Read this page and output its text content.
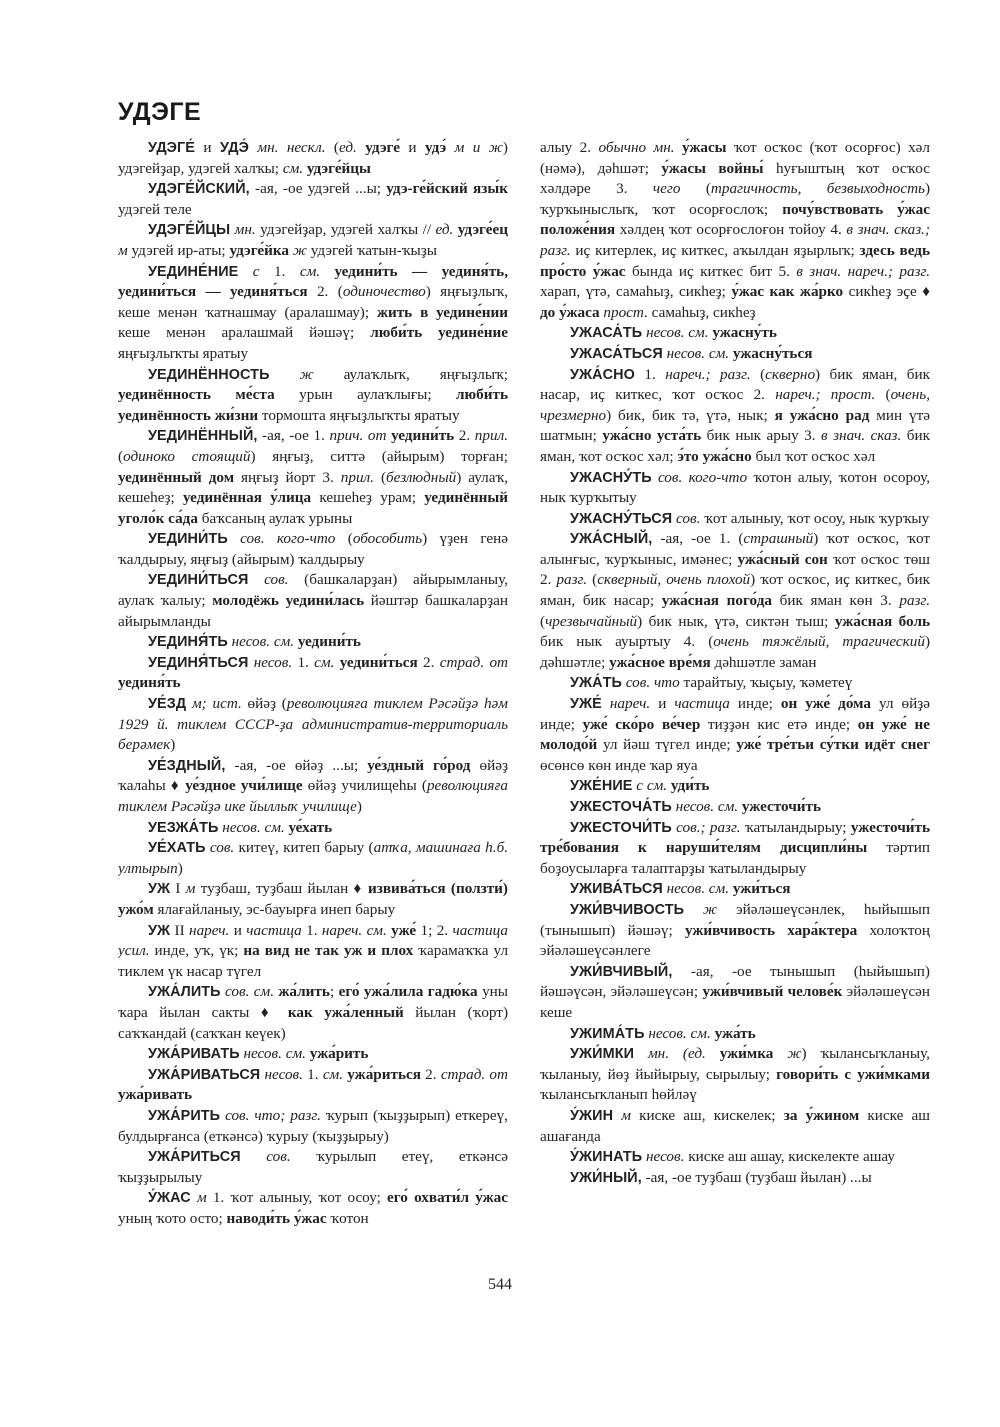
УДЭГЕ

УДЭГЕ́ и УДЭ́ мн. нескл. (ед. удэге́ и удэ́ м и ж) удэгейҙар, удэгей халҡы; см. удэге́йцы

УДЭГЕ́ЙСКИЙ, -ая, -ое удэгей ...ы; удэ-ге́йский язы́к удэгей теле

УДЭГЕ́ЙЦЫ мн. удэгейҙар, удэгей халҡы // ед. удэге́ец м удэгей ир-аты; удэге́йка ж удэгей ҡатын-ҡыҙы

УЕДИНЕ́НИЕ с 1. см. уедини́ть — уединя́ть, уедини́ться — уединя́ться 2. (одиночество) яңғыҙлыҡ, кеше менән ҡатнашмау (аралашмау); жить в уедине́нии кеше менән аралашмай йәшәү; люби́ть уедине́ние яңғыҙлыҡты яратыу

УЕДИНЁННОСТЬ ж аулаҡлыҡ, яңғыҙлыҡ; уединённость ме́ста урын аулаҡлығы; люби́ть уединённость жи́зни тормошта яңғыҙлыҡты яратыу

УЕДИНЁННЫЙ, -ая, -ое 1. прич. от уедини́ть 2. прил. (одиноко стоящий) яңғыҙ, ситтә (айырым) торған; уединённый дом яңғыҙ йорт 3. прил. (безлюдный) аулаҡ, кешеһеҙ; уединённая у́лица кешеһеҙ урам; уединённый уголо́к са́да баҡсаның аулаҡ урыны

УЕДИНИ́ТЬ сов. кого-что (обособить) үҙен генә ҡалдырыу, яңғыҙ (айырым) ҡалдырыу

УЕДИНИ́ТЬСЯ сов. (башкаларҙан) айырымланыу, аулаҡ ҡалыу; молодёжь уедини́лась йәштәр башкаларҙан айырымланды

УЕДИНЯ́ТЬ несов. см. уедини́ть

УЕДИНЯ́ТЬСЯ несов. 1. см. уедини́ться 2. страд. от уединя́ть

УЕ́ЗД м; ист. өйәҙ (революцияға тиклем Рәсәйҙә һәм 1929 й. тиклем СССР-ҙа административ-территориаль берәмек)

УЕ́ЗДНЫЙ, -ая, -ое өйәҙ ...ы; уе́здный го́род өйәҙ ҡалаһы ♦ уе́здное учи́лище өйәҙ училищеһы (революцияға тиклем Рәсәйҙә ике йыллыҡ училище)

УЕЗЖА́ТЬ несов. см. уе́хать

УЕ́ХАТЬ сов. китеү, китеп барыу (атҡа, машинаға һ.б. ултырып)

УЖ I м туҙбаш, туҙбаш йылан ♦ извива́ться (ползти́) ужо́м ялағайланыу, эс-бауырға инеп барыу

УЖ II нареч. и частица 1. нареч. см. уже́ 1; 2. частица усил. инде, уҡ, үк; на вид не так уж и плох ҡарамаҡҡа ул тиклем үк насар түгел

УЖА́ЛИТЬ сов. см. жа́лить; его́ ужа́лила гадю́ка уны ҡара йылан сакты ♦ как ужа́ленный йылан (ҡорт) саҡҡандай (саҡҡан кеүек)

УЖА́РИВАТЬ несов. см. ужа́рить

УЖА́РИВАТЬСЯ несов. 1. см. ужа́риться 2. страд. от ужа́ривать

УЖА́РИТЬ сов. что; разг. ҡурып (ҡыҙҙырып) еткереү, булдырғанса (еткәнсә) ҡурыу (ҡыҙҙырыу)

УЖА́РИТЬСЯ сов. ҡурылып етеү, еткәнсә ҡыҙҙырылыу

У́ЖАС м 1. ҡот алыныу, ҡот осоу; его́ охвати́л у́жас уның ҡото осто; наводи́ть у́жас ҡотон

алыу 2. обычно мн. у́жасы ҡот осҡос (ҡот осорғос) хәл (нәмә), дәһшәт; у́жасы войны́ һуғыштың ҡот осҡос хәлдәре 3. чего (трагичность, безвыходность) ҡурҡыныслыҡ, ҡот осорғослоҡ; почу́вствовать у́жас положе́ния хәлдең ҡот осорғослоғон тойоу 4. в знач. сказ.; разг. иҫ китерлек, иҫ киткес, аҡылдан яҙырлыҡ; здесь ведь про́сто у́жас бында иҫ киткес бит 5. в знач. нареч.; разг. харап, үтә, самаһыҙ, сикһеҙ; у́жас как жа́рко сикһеҙ эҫе ♦ до у́жаса прост. самаһыҙ, сикһеҙ

УЖАСА́ТЬ несов. см. ужасну́ть

УЖАСА́ТЬСЯ несов. см. ужасну́ться

УЖА́СНО 1. нареч.; разг. (скверно) бик яман, бик насар, иҫ киткес, ҡот осҡос 2. нареч.; прост. (очень, чрезмерно) бик, бик тә, үтә, нык; я ужа́сно рад мин үтә шатмын; ужа́сно уста́ть бик нык арыу 3. в знач. сказ. бик яман, ҡот осҡос хәл; э́то ужа́сно был ҡот осҡос хәл

УЖАСНУ́ТЬ сов. кого-что ҡотон алыу, ҡотон осороу, нык ҡурҡытыу

УЖАСНУ́ТЬСЯ сов. ҡот алыныу, ҡот осоу, нык ҡурҡыу

УЖА́СНЫЙ, -ая, -ое 1. (страшный) ҡот осҡос, ҡот алынғыс, ҡурҡыныс, имәнес; ужа́сный сон ҡот осҡос төш 2. разг. (скверный, очень плохой) ҡот осҡос, иҫ киткес, бик яман, бик насар; ужа́сная пого́да бик яман көн 3. разг. (чрезвычайный) бик нык, үтә, сиктән тыш; ужа́сная боль бик нык ауыртыу 4. (очень тяжёлый, трагический) дәһшәтле; ужа́сное вре́мя дәһшәтле заман

УЖА́ТЬ сов. что тарайтыу, ҡыҫыу, ҡәметеү

УЖЕ́ нареч. и частица инде; он уже́ до́ма ул өйҙә инде; уже́ ско́ро ве́чер тиҙҙән кис етә инде; он уже́ не молодо́й ул йәш түгел инде; уже́ тре́тьи су́тки идёт снег өсөнсө көн инде ҡар яуа

УЖЕ́НИЕ с см. уди́ть

УЖЕСТОЧА́ТЬ несов. см. ужесточи́ть

УЖЕСТОЧИ́ТЬ сов.; разг. ҡатыландырыу; ужесточи́ть тре́бования к наруши́телям дисципли́ны тәртип боҙоусыларға талаптарҙы ҡатыландырыу

УЖИВА́ТЬСЯ несов. см. ужи́ться

УЖИ́ВЧИВОСТЬ ж эйәләшеүсәнлек, һыйышып (тынышып) йәшәү; ужи́вчивость хара́ктера холоҡтоң эйәләшеүсәнлеге

УЖИ́ВЧИВЫЙ, -ая, -ое тынышып (һыйышып) йәшәүсән, эйәләшеүсән; ужи́вчивый челове́к эйәләшеүсән кеше

УЖИМА́ТЬ несов. см. ужа́ть

УЖИ́МКИ мн. (ед. ужи́мка ж) ҡылансыҡланыу, ҡыланыу, йөҙ йыйырыу, сырылыу; говори́ть с ужи́мками ҡылансыҡланып һөйләү

У́ЖИН м киске аш, кискелек; за у́жином киске аш ашағанда

У́ЖИНАТЬ несов. киске аш ашау, кискелекте ашау

УЖИ́НЫЙ, -ая, -ое туҙбаш (туҙбаш йылан) ...ы

544
